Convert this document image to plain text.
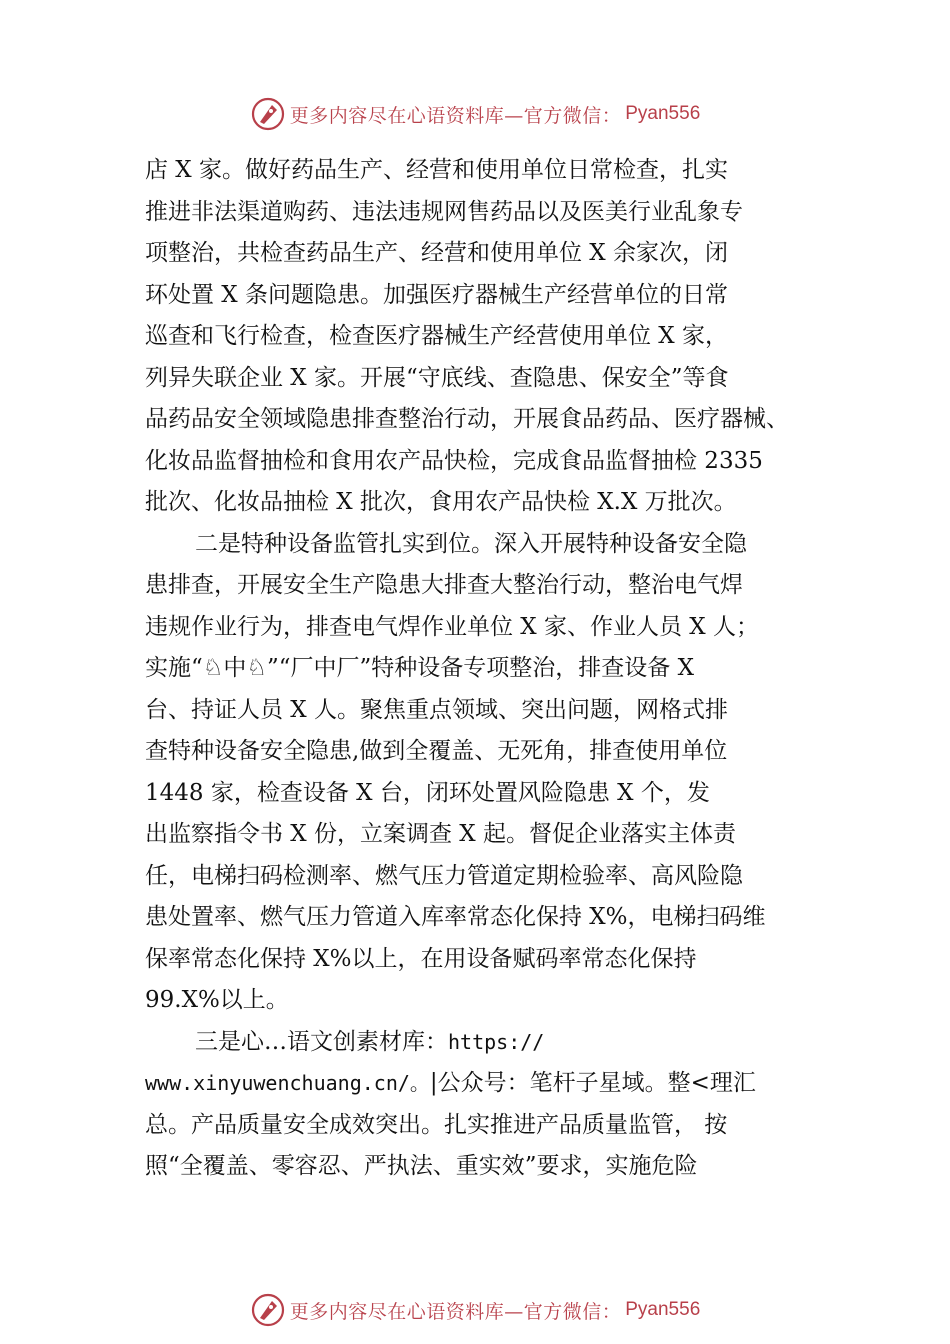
更多内容尽在心语资料库—官方微信： Pyan556
店 X 家。做好药品生产、经营和使用单位日常检查，扎实
推进非法渠道购药、违法违规网售药品以及医美行业乱象专
项整治，共检查药品生产、经营和使用单位 X 余家次，闭
环处置 X 条问题隐患。加强医疗器械生产经营单位的日常
巡查和飞行检查，检查医疗器械生产经营使用单位 X 家，
列异失联企业 X 家。开展“守底线、查隐患、保安全”等食
品药品安全领域隐患排查整治行动，开展食品药品、医疗器械、
化妆品监督抽检和食用农产品快检，完成食品监督抽检 2335
批次、化妆品抽检 X 批次，食用农产品快检 X.X 万批次。
二是特种设备监管扎实到位。深入开展特种设备安全隐
患排查，开展安全生产隐患大排查大整治行动，整治电气焊
违规作业行为，排查电气焊作业单位 X 家、作业人员 X 人；
实施“♘中♘”“厂中厂”特种设备专项整治，排查设备 X
台、持证人员 X 人。聚焦重点领域、突出问题，网格式排
查特种设备安全隐患,做到全覆盖、无死角，排查使用单位
1448 家，检查设备 X 台，闭环处置风险隐患 X 个，发
出监察指令书 X 份，立案调查 X 起。督促企业落实主体责
任，电梯扫码检测率、燃气压力管道定期检验率、高风险隐
患处置率、燃气压力管道入库率常态化保持 X%，电梯扫码维
保率常态化保持 X%以上，在用设备赋码率常态化保持
99.X%以上。
三是心…语文创素材库：https://
www.xinyuwenchuang.cn/。|公众号：笔杆子星域。整<理汇
总。产品质量安全成效突出。扎实推进产品质量监管， 按
照“全覆盖、零容忍、严执法、重实效”要求，实施危险
更多内容尽在心语资料库—官方微信： Pyan556
